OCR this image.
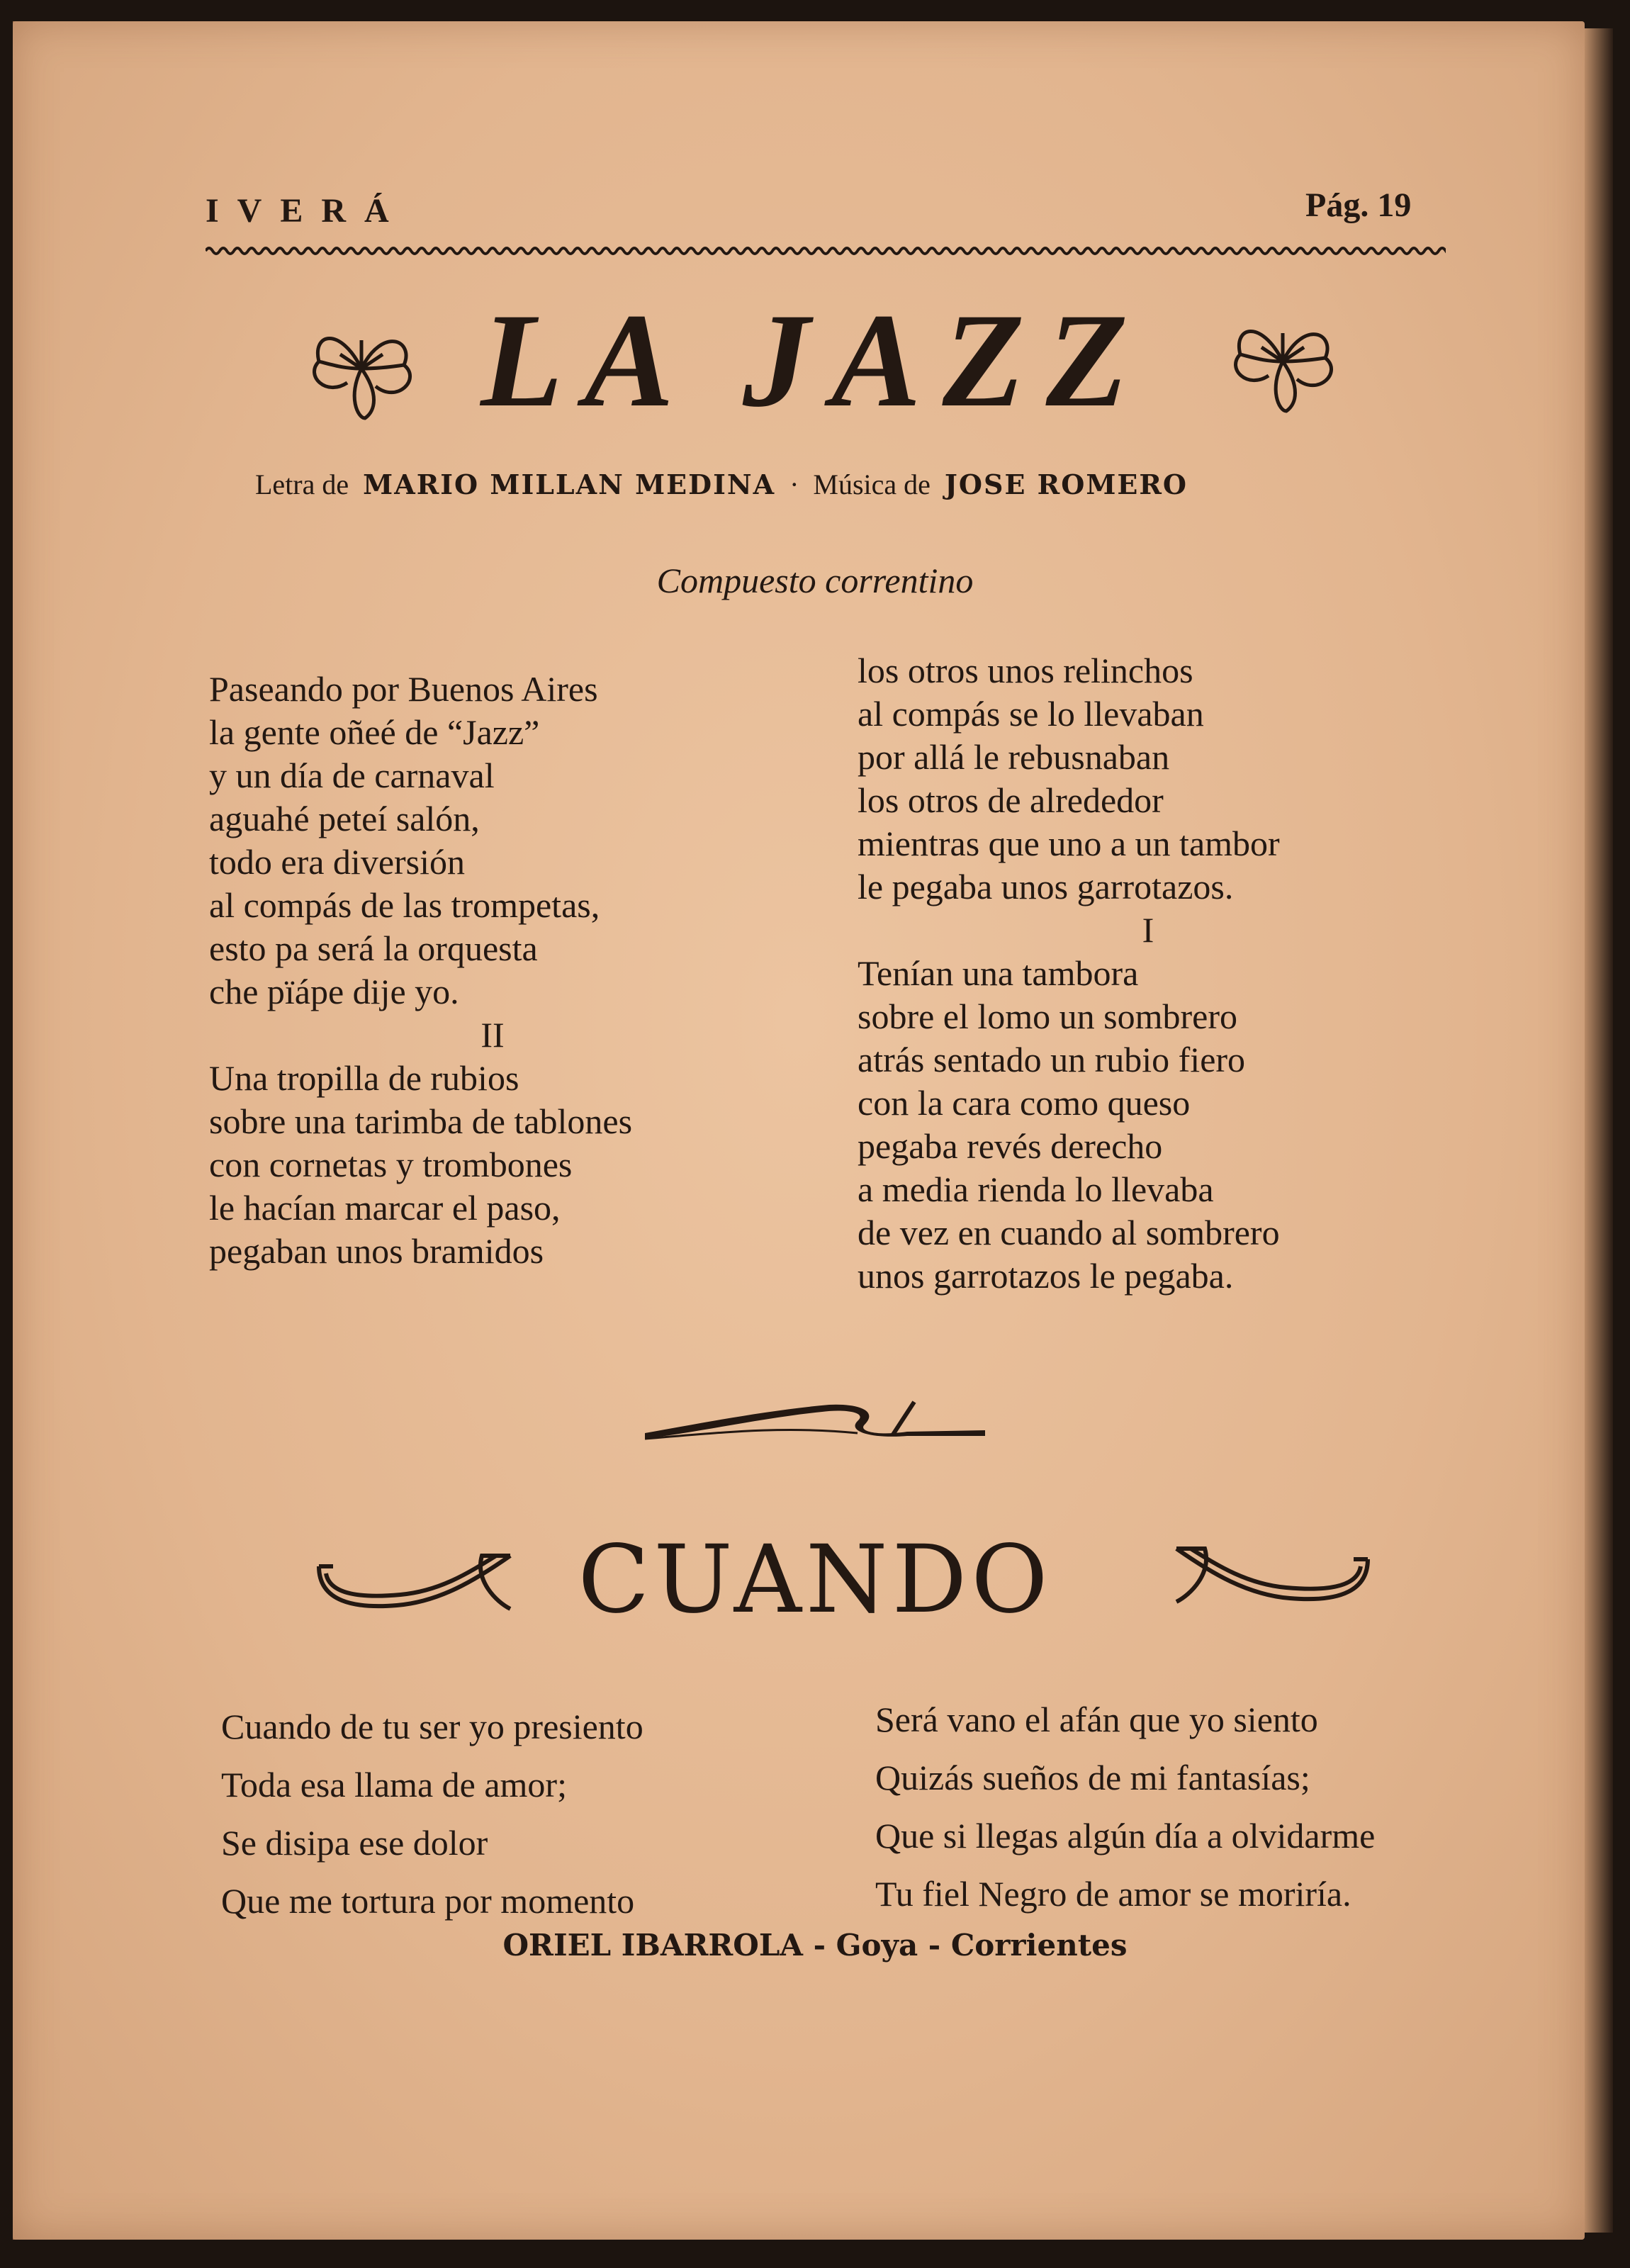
IVERÁ	Pág. 19
LA JAZZ
Letra de MARIO MILLAN MEDINA · Música de JOSE ROMERO
Compuesto correntino
Paseando por Buenos Aires
la gente oñeé de “Jazz”
y un día de carnaval
aguahé peteí salón,
todo era diversión
al compás de las trompetas,
esto pa será la orquesta
che pïápe dije yo.
II
Una tropilla de rubios
sobre una tarimba de tablones
con cornetas y trombones
le hacían marcar el paso,
pegaban unos bramidos
los otros unos relinchos
al compás se lo llevaban
por allá le rebusnaban
los otros de alrededor
mientras que uno a un tambor
le pegaba unos garrotazos.
I
Tenían una tambora
sobre el lomo un sombrero
atrás sentado un rubio fiero
con la cara como queso
pegaba revés derecho
a media rienda lo llevaba
de vez en cuando al sombrero
unos garrotazos le pegaba.
CUANDO
Cuando de tu ser yo presiento
Toda esa llama de amor;
Se disipa ese dolor
Que me tortura por momento
Será vano el afán que yo siento
Quizás sueños de mi fantasías;
Que si llegas algún día a olvidarme
Tu fiel Negro de amor se moriría.
ORIEL IBARROLA - Goya - Corrientes
